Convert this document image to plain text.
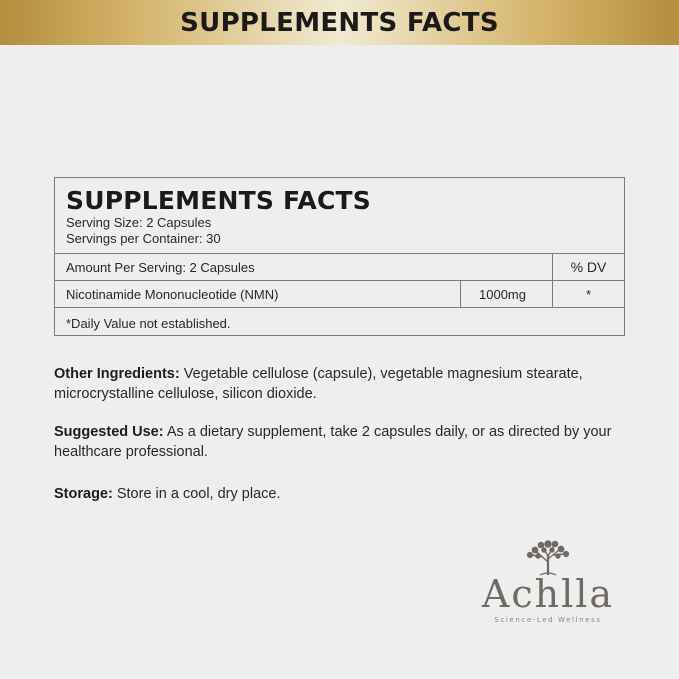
SUPPLEMENTS FACTS
SUPPLEMENTS FACTS
Serving Size: 2 Capsules
Servings per Container: 30
Amount Per Serving: 2 Capsules	% DV
Nicotinamide Mononucleotide (NMN)	1000mg	*
*Daily Value not established.

Other Ingredients: Vegetable cellulose (capsule), vegetable magnesium stearate, microcrystalline cellulose, silicon dioxide.

Suggested Use: As a dietary supplement, take 2 capsules daily, or as directed by your healthcare professional.

Storage: Store in a cool, dry place.

Achlla
Science-Led Wellness
